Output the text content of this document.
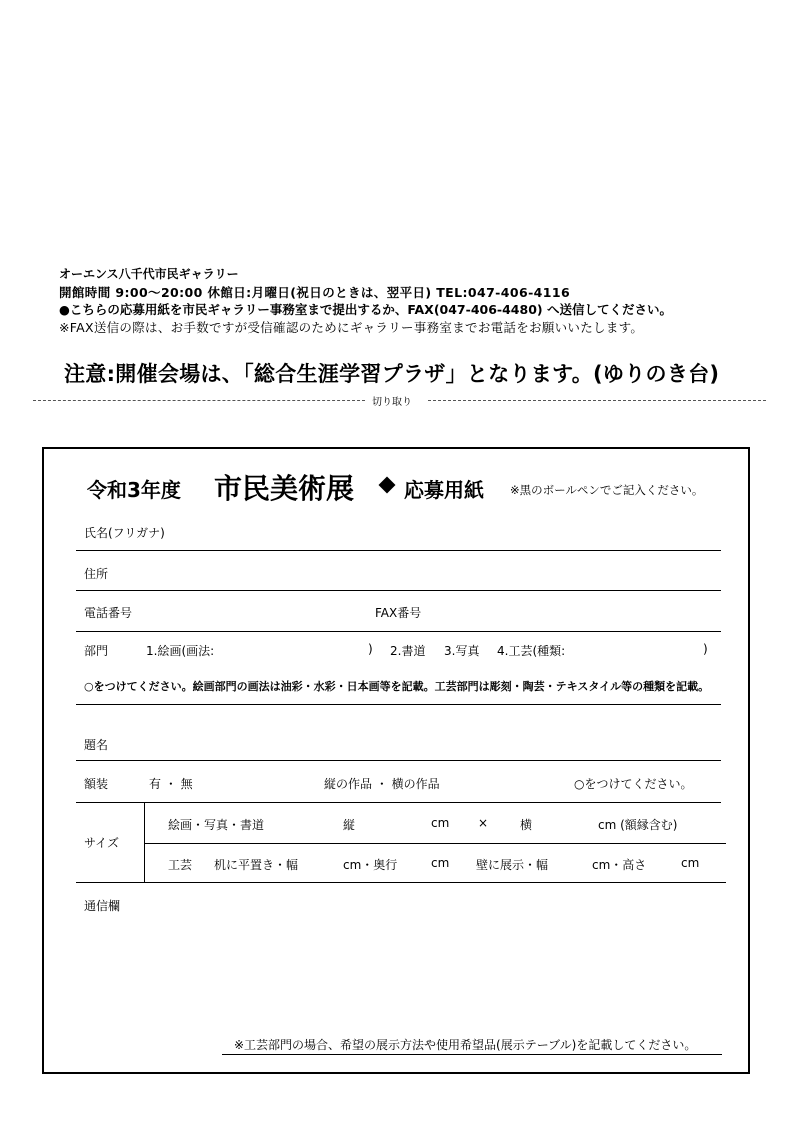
オーエンス八千代市民ギャラリー
開館時間 9:00〜20:00 休館日:月曜日(祝日のときは、翌平日) TEL:047-406-4116
●こちらの応募用紙を市民ギャラリー事務室まで提出するか、FAX(047-406-4480) へ送信してください。
※FAX送信の際は、お手数ですが受信確認のためにギャラリー事務室までお電話をお願いいたします。
注意:開催会場は、「総合生涯学習プラザ」となります。(ゆりのき台)
切り取り
令和3年度 市民美術展 応募用紙 ※黒のボールペンでご記入ください。
氏名(フリガナ)
住所
電話番号	FAX番号
部門	1.絵画(画法:	) 2.書道 3.写真 4.工芸(種類:	)
○をつけてください。絵画部門の画法は油彩・水彩・日本画等を記載。工芸部門は彫刻・陶芸・テキスタイル等の種類を記載。
題名
額装	有 ・ 無	縦の作品 ・ 横の作品	○をつけてください。
サイズ
絵画・写真・書道	縦	cm ×	横	cm (額縁含む)
工芸 机に平置き・幅	cm・奥行	cm 壁に展示・幅	cm・高さ	cm
通信欄
※工芸部門の場合、希望の展示方法や使用希望品(展示テーブル)を記載してください。
